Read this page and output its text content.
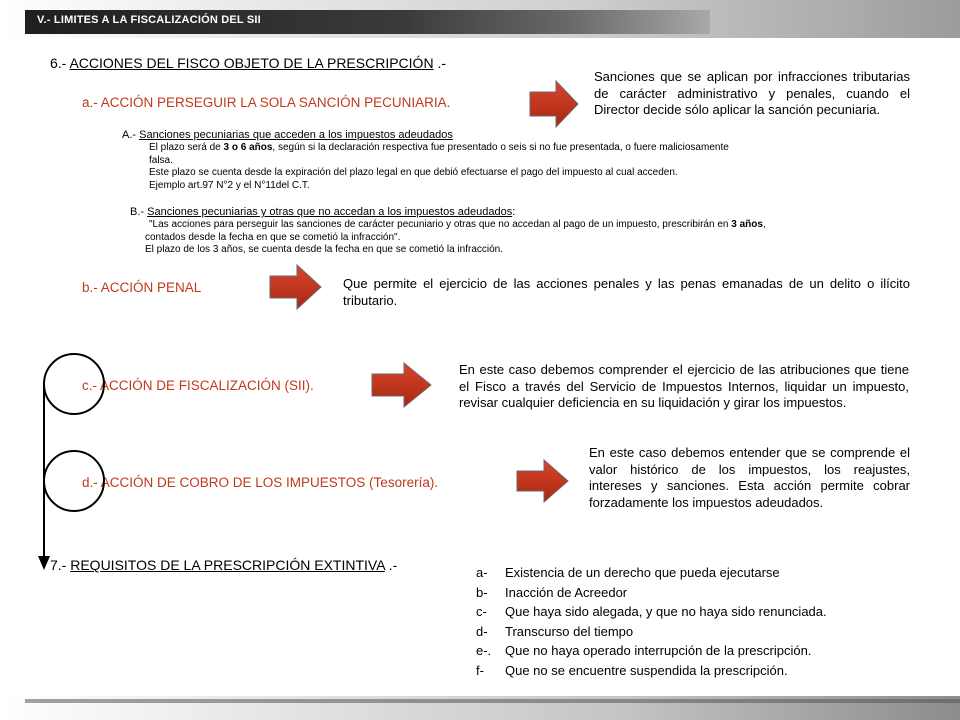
V.- LIMITES A LA FISCALIZACIÓN DEL SII
6.- ACCIONES DEL FISCO OBJETO DE LA PRESCRIPCIÓN .-
a.- ACCIÓN PERSEGUIR LA SOLA SANCIÓN PECUNIARIA.
Sanciones que se aplican por infracciones tributarias de carácter administrativo y penales, cuando el Director decide sólo aplicar la sanción pecuniaria.
A.- Sanciones pecuniarias que acceden a los impuestos adeudados
El plazo será de 3 o 6 años, según si la declaración respectiva fue presentado o seis si no fue presentada, o fuere maliciosamente
falsa.
Este plazo se cuenta desde la expiración del plazo legal en que debió efectuarse el pago del impuesto al cual acceden.
Ejemplo art.97 N°2 y el N°11del C.T.
B.- Sanciones pecuniarias y otras que no accedan a los impuestos adeudados:
"Las acciones para perseguir las sanciones de carácter pecuniario y otras que no accedan al pago de un impuesto, prescribirán en 3 años,
contados desde la fecha en que se cometió la infracción".
El plazo de los 3 años, se cuenta desde la fecha en que se cometió la infracción.
b.- ACCIÓN PENAL	Que permite el ejercicio de las acciones penales y las penas emanadas de un delito o ilícito tributario.
c.- ACCIÓN DE FISCALIZACIÓN (SII).
En este caso debemos comprender el ejercicio de las atribuciones que tiene el Fisco a través del Servicio de Impuestos Internos, liquidar un impuesto, revisar cualquier deficiencia en su liquidación y girar los impuestos.
d.- ACCIÓN DE COBRO DE LOS IMPUESTOS (Tesorería).
En este caso debemos entender que se comprende el valor histórico de los impuestos, los reajustes, intereses y sanciones. Esta acción permite cobrar forzadamente los impuestos adeudados.
7.- REQUISITOS DE LA PRESCRIPCIÓN EXTINTIVA .-	a- Existencia de un derecho que pueda ejecutarse
b- Inacción de Acreedor
c- Que haya sido alegada, y que no haya sido renunciada.
d- Transcurso del tiempo
e-. Que no haya operado interrupción de la prescripción.
f- Que no se encuentre suspendida la prescripción.
